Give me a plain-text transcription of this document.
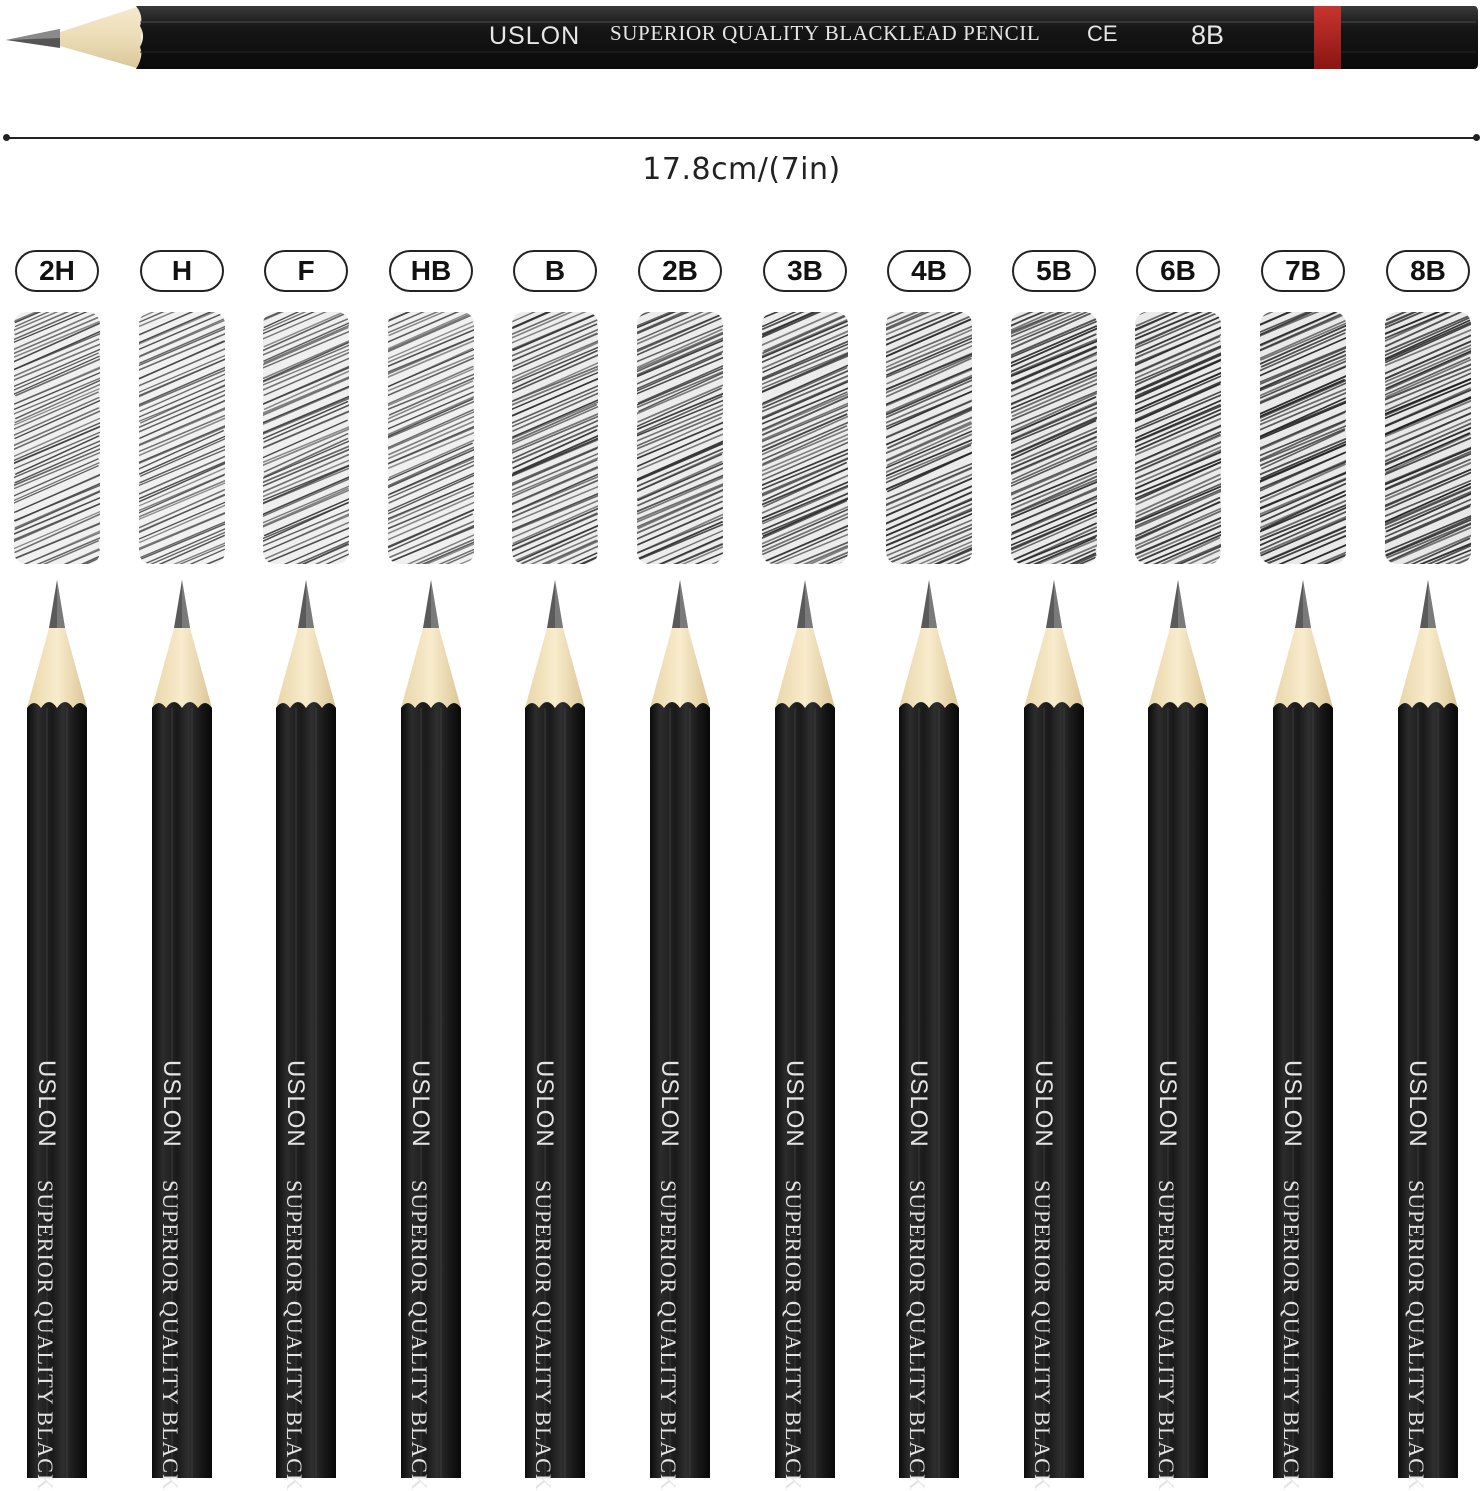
USLON SUPERIOR QUALITY BLACKLEAD PENCIL CE	8B
17.8cm/(7in)
2H
USLON
SUPERIOR QUALITY BLACK
H
USLON
SUPERIOR QUALITY BLACK
F
USLON
SUPERIOR QUALITY BLACK
HB
USLON
SUPERIOR QUALITY BLACK
B
USLON
SUPERIOR QUALITY BLACK
2B
USLON
SUPERIOR QUALITY BLACK
3B
USLON
SUPERIOR QUALITY BLACK
4B
USLON
SUPERIOR QUALITY BLACK
5B
USLON
SUPERIOR QUALITY BLACK
6B
USLON
SUPERIOR QUALITY BLACK
7B
USLON
SUPERIOR QUALITY BLACK
8B
USLON
SUPERIOR QUALITY BLACK
